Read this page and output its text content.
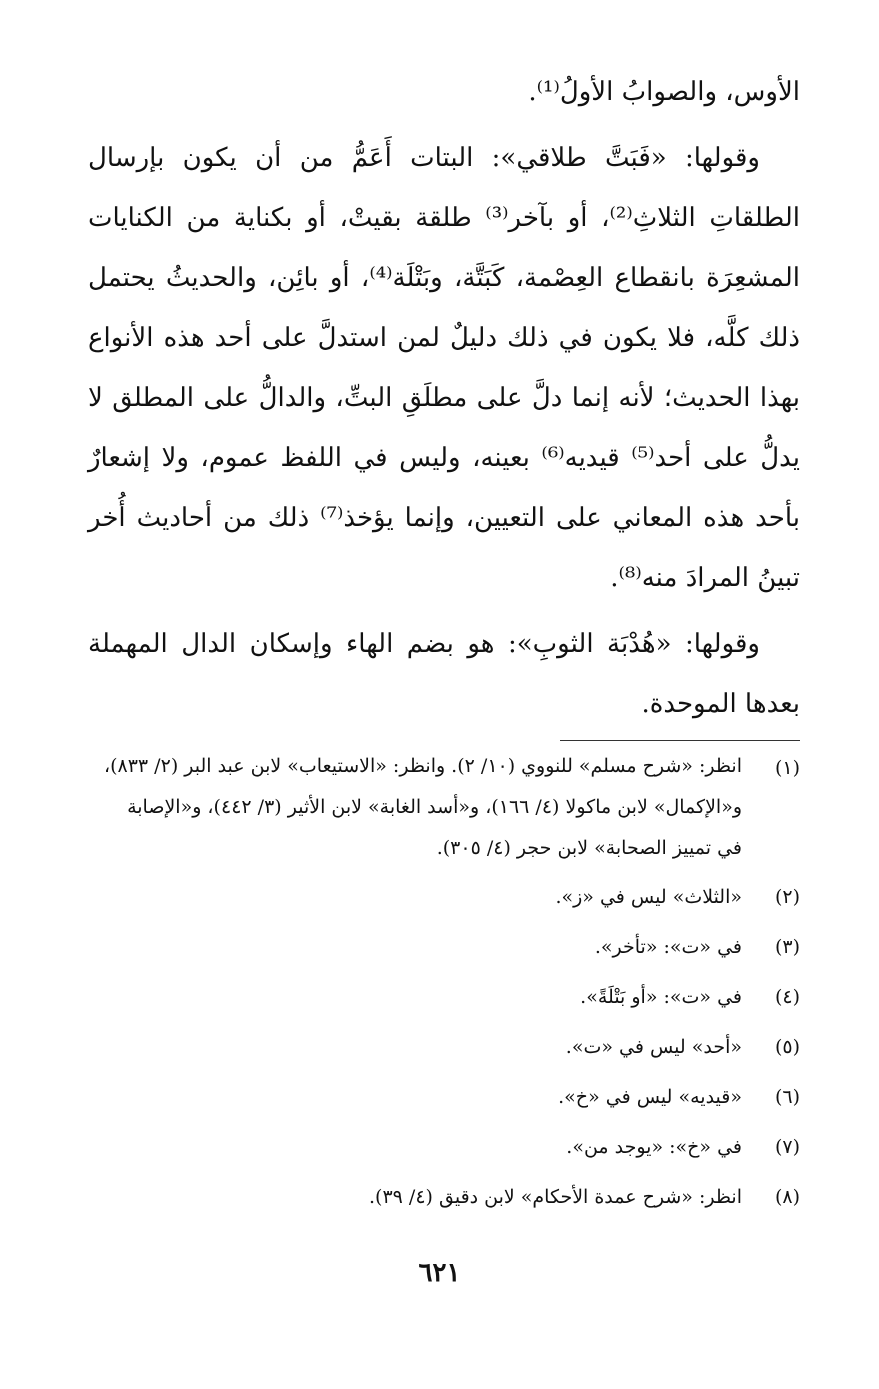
الأوس، والصوابُ الأولُ⁽¹⁾.

وقولها: «فَبَتَّ طلاقي»: البتات أَعَمُّ من أن يكون بإرسال الطلقاتِ الثلاثِ⁽²⁾، أو بآخر⁽³⁾ طلقة بقيتْ، أو بكناية من الكنايات المشعِرَة بانقطاع العِصْمة، كَبَتَّة، وبَتْلَة⁽⁴⁾، أو بائِن، والحديثُ يحتمل ذلك كلَّه، فلا يكون في ذلك دليلٌ لمن استدلَّ على أحد هذه الأنواع بهذا الحديث؛ لأنه إنما دلَّ على مطلَقِ البتِّ، والدالُّ على المطلق لا يدلُّ على أحد⁽⁵⁾ قيديه⁽⁶⁾ بعينه، وليس في اللفظ عموم، ولا إشعارٌ بأحد هذه المعاني على التعيين، وإنما يؤخذ⁽⁷⁾ ذلك من أحاديث أُخر تبينُ المرادَ منه⁽⁸⁾.

وقولها: «هُدْبَة الثوبِ»: هو بضم الهاء وإسكان الدال المهملة بعدها الموحدة.

(١)
انظر: «شرح مسلم» للنووي (١٠/ ٢). وانظر: «الاستيعاب» لابن عبد البر (٢/ ٨٣٣)، و«الإكمال» لابن ماكولا (٤/ ١٦٦)، و«أسد الغابة» لابن الأثير (٣/ ٤٤٢)، و«الإصابة في تمييز الصحابة» لابن حجر (٤/ ٣٠٥).
(٢)
«الثلاث» ليس في «ز».
(٣)
في «ت»: «تأخر».
(٤)
في «ت»: «أو بَتْلَةً».
(٥)
«أحد» ليس في «ت».
(٦)
«قيديه» ليس في «خ».
(٧)
في «خ»: «يوجد من».
(٨)
انظر: «شرح عمدة الأحكام» لابن دقيق (٤/ ٣٩).
٦٢١
